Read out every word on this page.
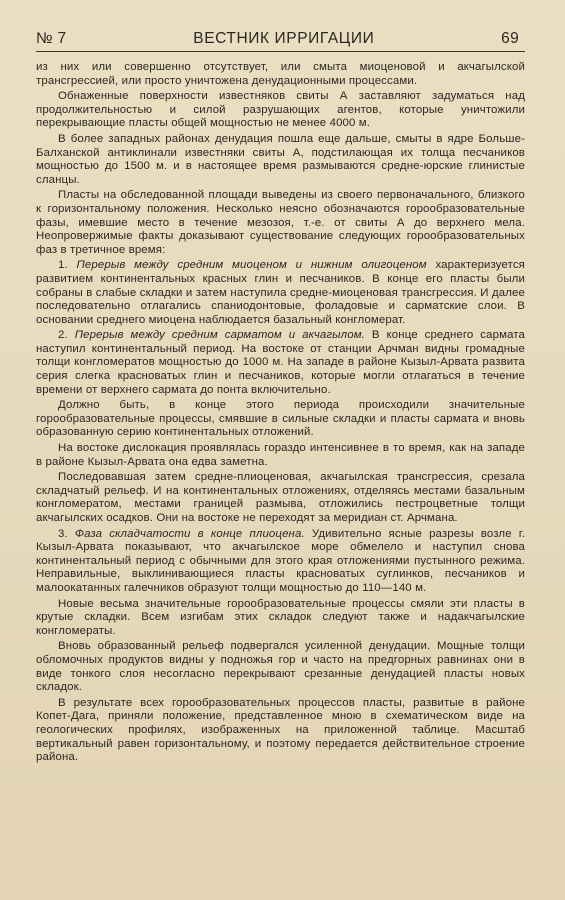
№ 7	ВЕСТНИК ИРРИГАЦИИ	69

из них или совершенно отсутствует, или смыта миоценовой и акчагылской трансгрессией, или просто уничтожена денудационными процессами.

Обнаженные поверхности известняков свиты А заставляют задуматься над продолжительностью и силой разрушающих агентов, которые уничтожили перекрывающие пласты общей мощностью не менее 4000 м.

В более западных районах денудация пошла еще дальше, смыты в ядре Больше-Балханской антиклинали известняки свиты А, подстилающая их толща песчаников мощностью до 1500 м. и в настоящее время размываются средне-юрские глинистые сланцы.

Пласты на обследованной площади выведены из своего первоначального, близкого к горизонтальному положения. Несколько неясно обозначаются горообразовательные фазы, имевшие место в течение мезозоя, т.-е. от свиты А до верхнего мела. Неопровержимые факты доказывают существование следующих горообразовательных фаз в третичное время:

1. Перерыв между средним миоценом и нижним олигоценом характеризуется развитием континентальных красных глин и песчаников. В конце его пласты были собраны в слабые складки и затем наступила средне-миоценовая трансгрессия. И далее последовательно отлагались спаниодонтовые, фоладовые и сарматские слои. В основании среднего миоцена наблюдается базальный конгломерат.

2. Перерыв между средним сарматом и акчагылом. В конце среднего сармата наступил континентальный период. На востоке от станции Арчман видны громадные толщи конгломератов мощностью до 1000 м. На западе в районе Кызыл-Арвата развита серия слегка красноватых глин и песчаников, которые могли отлагаться в течение времени от верхнего сармата до понта включительно.

Должно быть, в конце этого периода происходили значительные горообразовательные процессы, смявшие в сильные складки и пласты сармата и вновь образованную серию континентальных отложений.

На востоке дислокация проявлялась гораздо интенсивнее в то время, как на западе в районе Кызыл-Арвата она едва заметна.

Последовавшая затем средне-плиоценовая, акчагылская трансгрессия, срезала складчатый рельеф. И на континентальных отложениях, отделяясь местами базальным конгломератом, местами границей размыва, отложились пестроцветные толщи акчагылских осадков. Они на востоке не переходят за меридиан ст. Арчмана.

3. Фаза складчатости в конце плиоцена. Удивительно ясные разрезы возле г. Кызыл-Арвата показывают, что акчагылское море обмелело и наступил снова континентальный период с обычными для этого края отложениями пустынного режима. Неправильные, выклинивающиеся пласты красноватых суглинков, песчаников и малоокатанных галечников образуют толщи мощностью до 110—140 м.

Новые весьма значительные горообразовательные процессы смяли эти пласты в крутые складки. Всем изгибам этих складок следуют также и надакчагылские конгломераты.

Вновь образованный рельеф подвергался усиленной денудации. Мощные толщи обломочных продуктов видны у подножья гор и часто на предгорных равнинах они в виде тонкого слоя несогласно перекрывают срезанные денудацией пласты новых складок.

В результате всех горообразовательных процессов пласты, развитые в районе Копет-Дага, приняли положение, представленное мною в схематическом виде на геологических профилях, изображенных на приложенной таблице. Масштаб вертикальный равен горизонтальному, и поэтому передается действительное строение района.
